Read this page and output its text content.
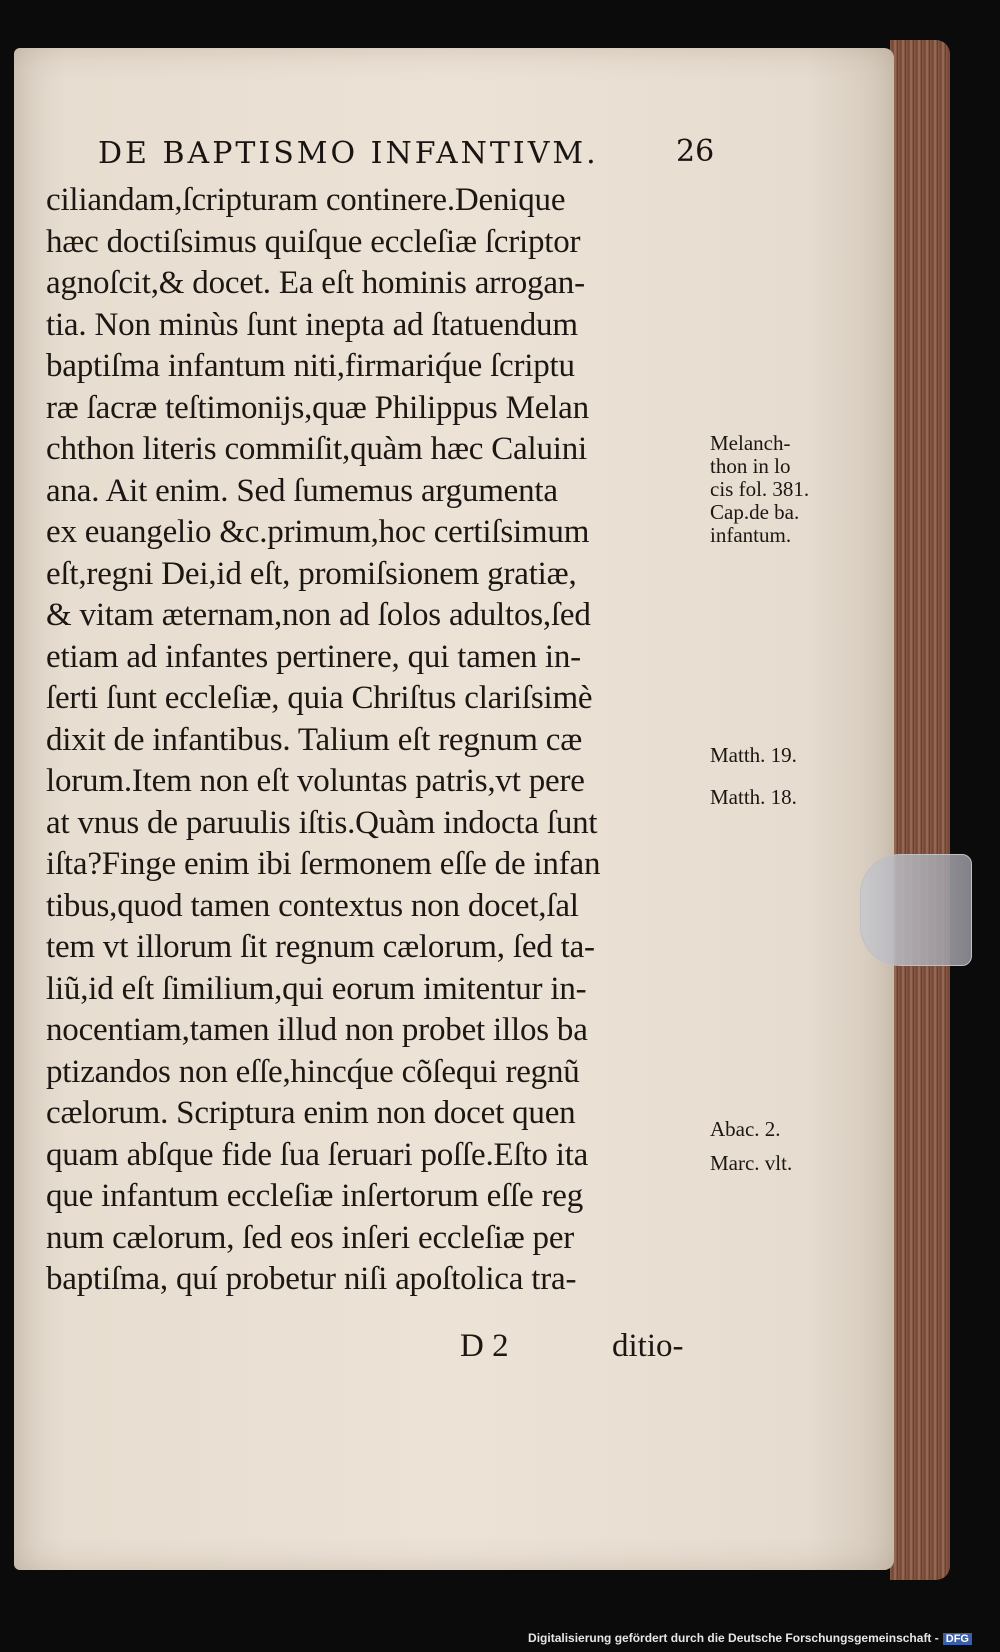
DE BAPTISMO INFANTIVM.	26
ciliandam,ſcripturam continere.Denique
hæc doctiſsimus quiſque eccleſiæ ſcriptor
agnoſcit,& docet. Ea eſt hominis arrogan-
tia. Non minùs ſunt inepta ad ſtatuendum
baptiſma infantum niti,firmariq́ue ſcriptu
ræ ſacræ teſtimonijs,quæ Philippus Melan
chthon literis commiſit,quàm hæc Caluini
ana. Ait enim. Sed ſumemus argumenta
ex euangelio &c.primum,hoc certiſsimum
eſt,regni Dei,id eſt, promiſsionem gratiæ,
& vitam æternam,non ad ſolos adultos,ſed
etiam ad infantes pertinere, qui tamen in-
ſerti ſunt eccleſiæ, quia Chriſtus clariſsimè
dixit de infantibus. Talium eſt regnum cæ
lorum.Item non eſt voluntas patris,vt pere
at vnus de paruulis iſtis.Quàm indocta ſunt
iſta?Finge enim ibi ſermonem eſſe de infan
tibus,quod tamen contextus non docet,ſal
tem vt illorum ſit regnum cælorum, ſed ta-
liũ,id eſt ſimilium,qui eorum imitentur in-
nocentiam,tamen illud non probet illos ba
ptizandos non eſſe,hincq́ue cõſequi regnũ
cælorum. Scriptura enim non docet quen
quam abſque fide ſua ſeruari poſſe.Eſto ita
que infantum eccleſiæ inſertorum eſſe reg
num cælorum, ſed eos inſeri eccleſiæ per
baptiſma, quí probetur niſi apoſtolica tra-
Melanch-
thon in lo
cis fol. 381.
Cap.de ba.
infantum.
Matth. 19.
Matth. 18.
Abac. 2.
Marc. vlt.
D 2	ditio-
Digitalisierung gefördert durch die Deutsche Forschungsgemeinschaft - DFG
